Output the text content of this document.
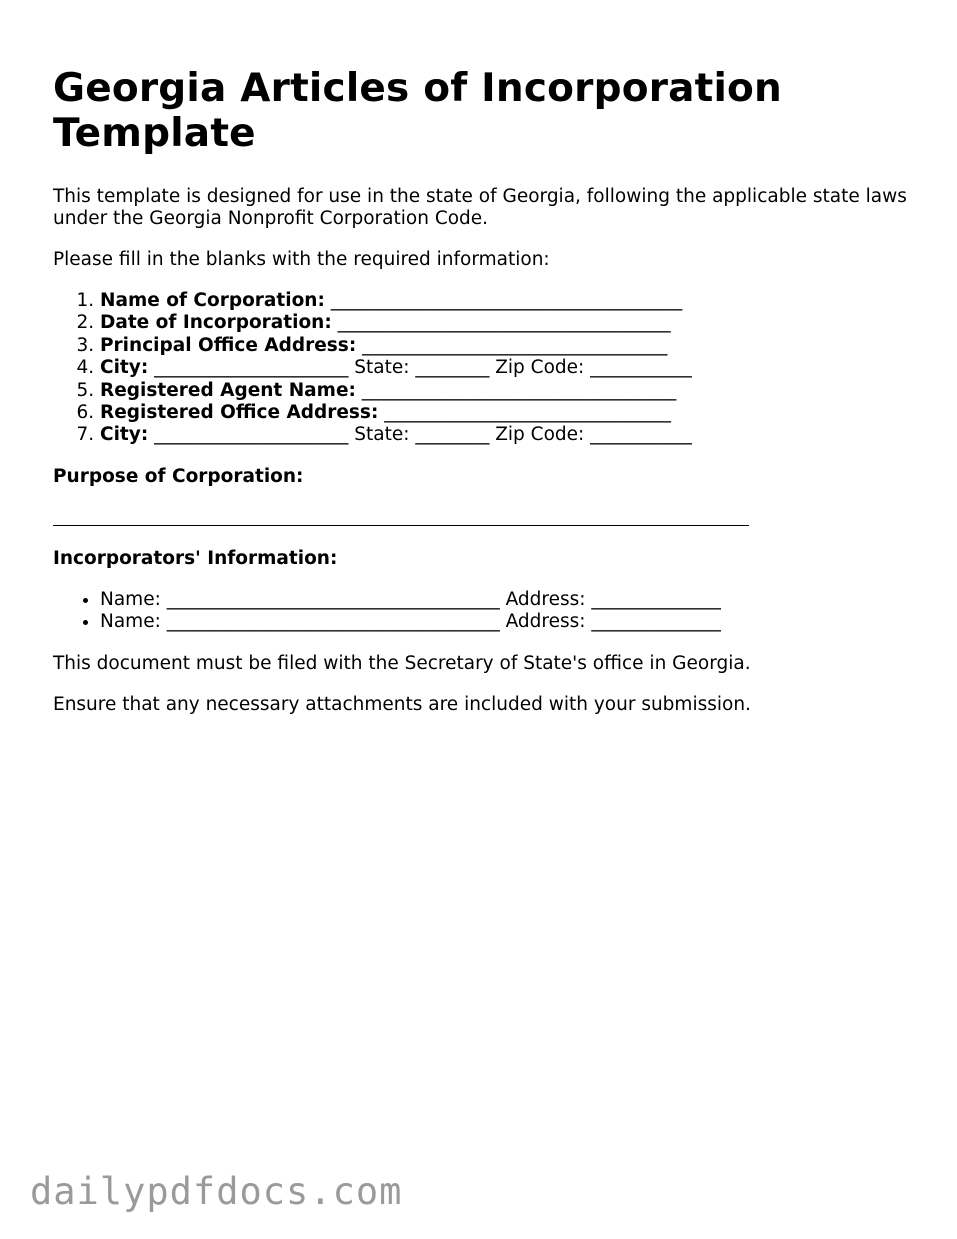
Georgia Articles of Incorporation Template

This template is designed for use in the state of Georgia, following the applicable state laws under the Georgia Nonprofit Corporation Code.

Please fill in the blanks with the required information:

1. Name of Corporation: ______________________________________
2. Date of Incorporation: ____________________________________
3. Principal Office Address: _________________________________
4. City: _____________________ State: ________ Zip Code: ___________
5. Registered Agent Name: __________________________________
6. Registered Office Address: _______________________________
7. City: _____________________ State: ________ Zip Code: ___________

Purpose of Corporation:

Incorporators' Information:

• Name: ____________________________________ Address: ______________
• Name: ____________________________________ Address: ______________

This document must be filed with the Secretary of State's office in Georgia.

Ensure that any necessary attachments are included with your submission.

dailypdfdocs.com
